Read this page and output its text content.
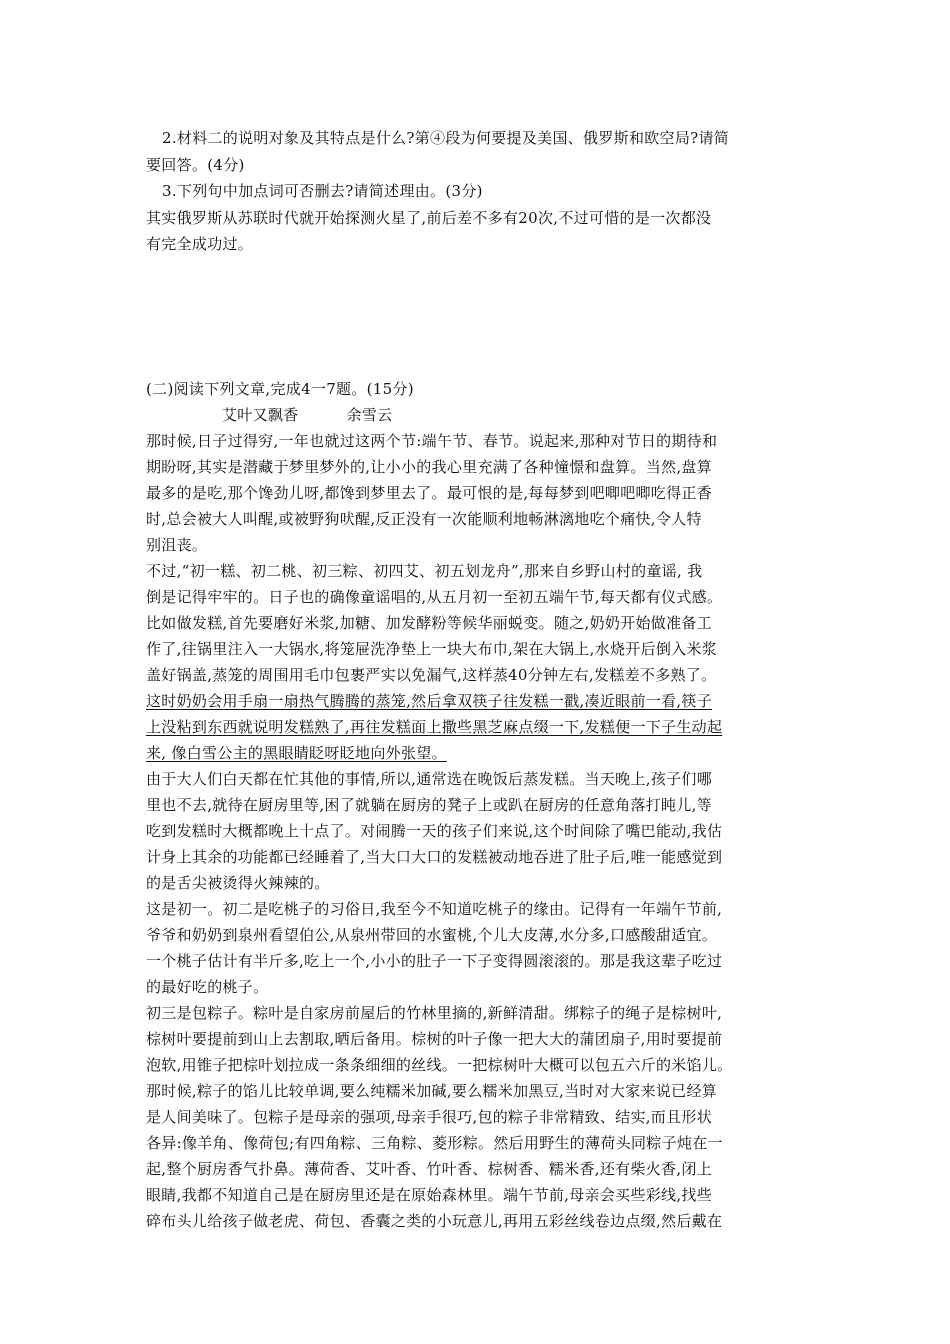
2.材料二的说明对象及其特点是什么?第④段为何要提及美国、俄罗斯和欧空局?请简
要回答。(4分)
3.下列句中加点词可否删去?请简述理由。(3分)
其实俄罗斯从苏联时代就开始探测火星了,前后差不多有20次,不过可惜的是一次都没
有完全成功过。
(二)阅读下列文章,完成4一7题。(15分)
艾叶又飘香	余雪云
那时候,日子过得穷,一年也就过这两个节:端午节、春节。说起来,那种对节日的期待和
期盼呀,其实是潜藏于梦里梦外的,让小小的我心里充满了各种憧憬和盘算。当然,盘算
最多的是吃,那个馋劲儿呀,都馋到梦里去了。最可恨的是,每每梦到吧唧吧唧吃得正香
时,总会被大人叫醒,或被野狗吠醒,反正没有一次能顺利地畅淋漓地吃个痛快,令人特
别沮丧。
不过,“初一糕、初二桃、初三粽、初四艾、初五划龙舟”,那来自乡野山村的童谣, 我
倒是记得牢牢的。日子也的确像童谣唱的,从五月初一至初五端午节,每天都有仪式感。
比如做发糕,首先要磨好米浆,加糖、加发酵粉等候华丽蜕变。随之,奶奶开始做准备工
作了,往锅里注入一大锅水,将笼屉洗净垫上一块大布巾,架在大锅上,水烧开后倒入米浆
盖好锅盖,蒸笼的周围用毛巾包裹严实以免漏气,这样蒸40分钟左右,发糕差不多熟了。
这时奶奶会用手扇一扇热气腾腾的蒸笼,然后拿双筷子往发糕一戳,凑近眼前一看,筷子
上没粘到东西就说明发糕熟了,再往发糕面上撒些黑芝麻点缀一下,发糕便一下子生动起
来, 像白雪公主的黑眼睛眨呀眨地向外张望。
由于大人们白天都在忙其他的事情,所以,通常选在晚饭后蒸发糕。当天晚上,孩子们哪
里也不去,就待在厨房里等,困了就躺在厨房的凳子上或趴在厨房的任意角落打盹儿,等
吃到发糕时大概都晚上十点了。对闹腾一天的孩子们来说,这个时间除了嘴巴能动,我估
计身上其余的功能都已经睡着了,当大口大口的发糕被动地吞进了肚子后,唯一能感觉到
的是舌尖被烫得火辣辣的。
这是初一。初二是吃桃子的习俗日,我至今不知道吃桃子的缘由。记得有一年端午节前,
爷爷和奶奶到泉州看望伯公,从泉州带回的水蜜桃,个儿大皮薄,水分多,口感酸甜适宜。
一个桃子估计有半斤多,吃上一个,小小的肚子一下子变得圆滚滚的。那是我这辈子吃过
的最好吃的桃子。
初三是包粽子。粽叶是自家房前屋后的竹林里摘的,新鲜清甜。绑粽子的绳子是棕树叶,
棕树叶要提前到山上去割取,晒后备用。棕树的叶子像一把大大的蒲团扇子,用时要提前
泡软,用锥子把棕叶划拉成一条条细细的丝线。一把棕树叶大概可以包五六斤的米馅儿。
那时候,粽子的馅儿比较单调,要么纯糯米加碱,要么糯米加黑豆,当时对大家来说已经算
是人间美味了。包粽子是母亲的强项,母亲手很巧,包的粽子非常精致、结实,而且形状
各异:像羊角、像荷包;有四角粽、三角粽、菱形粽。然后用野生的薄荷头同粽子炖在一
起,整个厨房香气扑鼻。薄荷香、艾叶香、竹叶香、棕树香、糯米香,还有柴火香,闭上
眼睛,我都不知道自己是在厨房里还是在原始森林里。端午节前,母亲会买些彩线,找些
碎布头儿给孩子做老虎、荷包、香囊之类的小玩意儿,再用五彩丝线卷边点缀,然后戴在
